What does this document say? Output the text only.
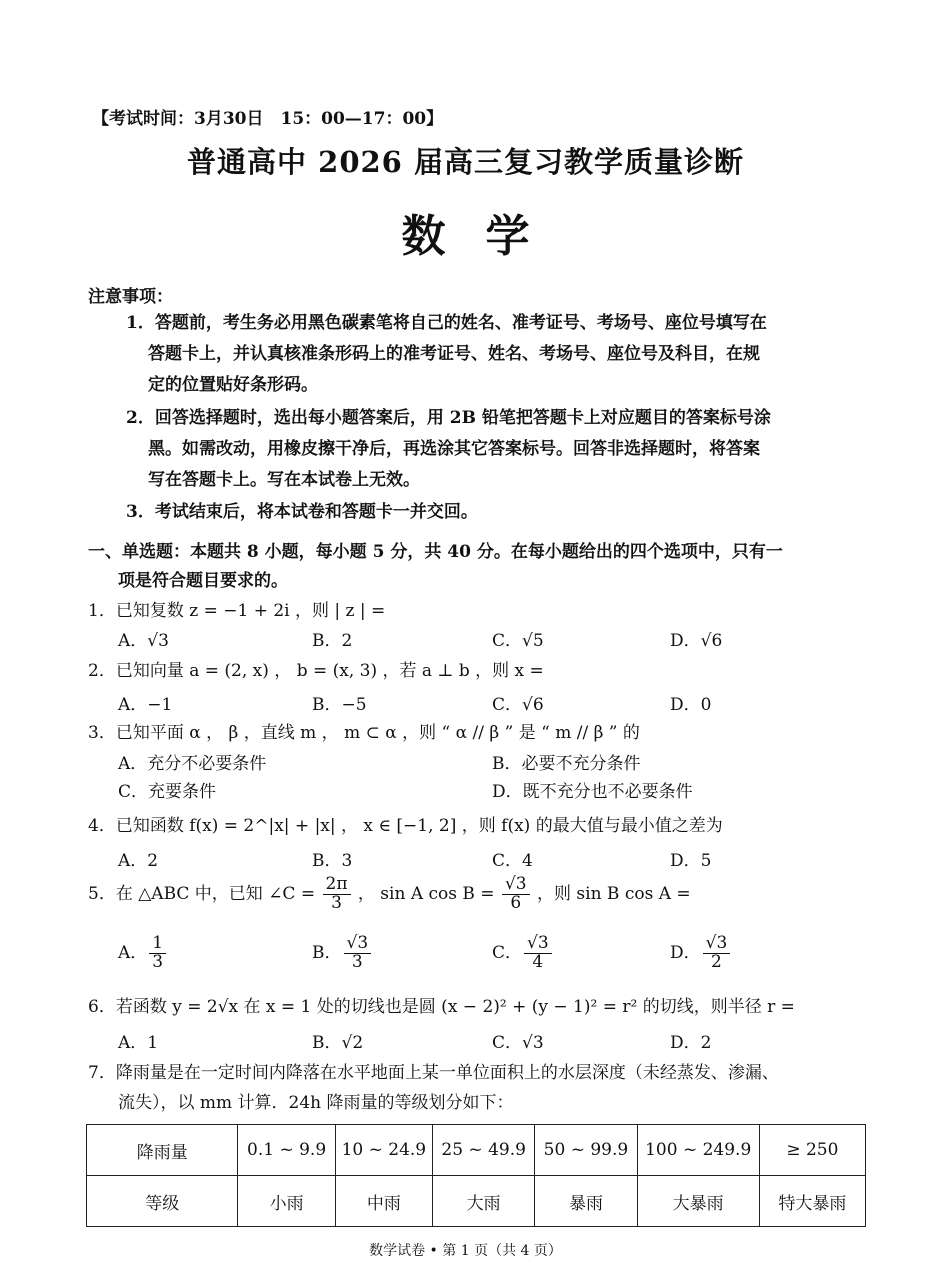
【考试时间：3月30日　15：00—17：00】
普通高中 2026 届高三复习教学质量诊断
数学
注意事项：
1．答题前，考生务必用黑色碳素笔将自己的姓名、准考证号、考场号、座位号填写在
答题卡上，并认真核准条形码上的准考证号、姓名、考场号、座位号及科目，在规
定的位置贴好条形码。
2．回答选择题时，选出每小题答案后，用 2B 铅笔把答题卡上对应题目的答案标号涂
黑。如需改动，用橡皮擦干净后，再选涂其它答案标号。回答非选择题时，将答案
写在答题卡上。写在本试卷上无效。
3．考试结束后，将本试卷和答题卡一并交回。
一、单选题：本题共 8 小题，每小题 5 分，共 40 分。在每小题给出的四个选项中，只有一
项是符合题目要求的。
1．已知复数 z = −1 + 2i ，则 | z | =
A．√3	B．2	C．√5	D．√6
2．已知向量 a = (2, x) ， b = (x, 3) ，若 a ⊥ b ，则 x =
A．−1	B．−5	C．√6	D．0
3．已知平面 α ， β ，直线 m ， m ⊂ α ，则 “ α // β ” 是 “ m // β ” 的
A．充分不必要条件	B．必要不充分条件
C．充要条件	D．既不充分也不必要条件
4．已知函数 f(x) = 2^|x| + |x| ， x ∈ [−1, 2] ，则 f(x) 的最大值与最小值之差为
A．2	B．3	C．4	D．5
5．在 △ABC 中，已知 ∠C = $\frac{2\pi}{3}$ ， sin A $\cos B = \frac{√3}{6}$ ，则 sin B cos A =
A． $\frac{1}{3}$	B． $\frac{√3}{3}$	C． $\frac{√3}{4}$	D． $\frac{√3}{2}$
6．若函数 y = 2√x 在 x = 1 处的切线也是圆 (x − 2)² + (y − 1)² = r² 的切线，则半径 r =
A．1	B．√2	C．√3	D．2
7．降雨量是在一定时间内降落在水平地面上某一单位面积上的水层深度（未经蒸发、渗漏、
流失），以 mm 计算．24h 降雨量的等级划分如下：
降雨量	0.1 ~ 9.9	10 ~ 24.9	25 ~ 49.9	50 ~ 99.9	100 ~ 249.9	≥ 250
等级	小雨	中雨	大雨	暴雨	大暴雨	特大暴雨
数学试卷 • 第 1 页（共 4 页）
